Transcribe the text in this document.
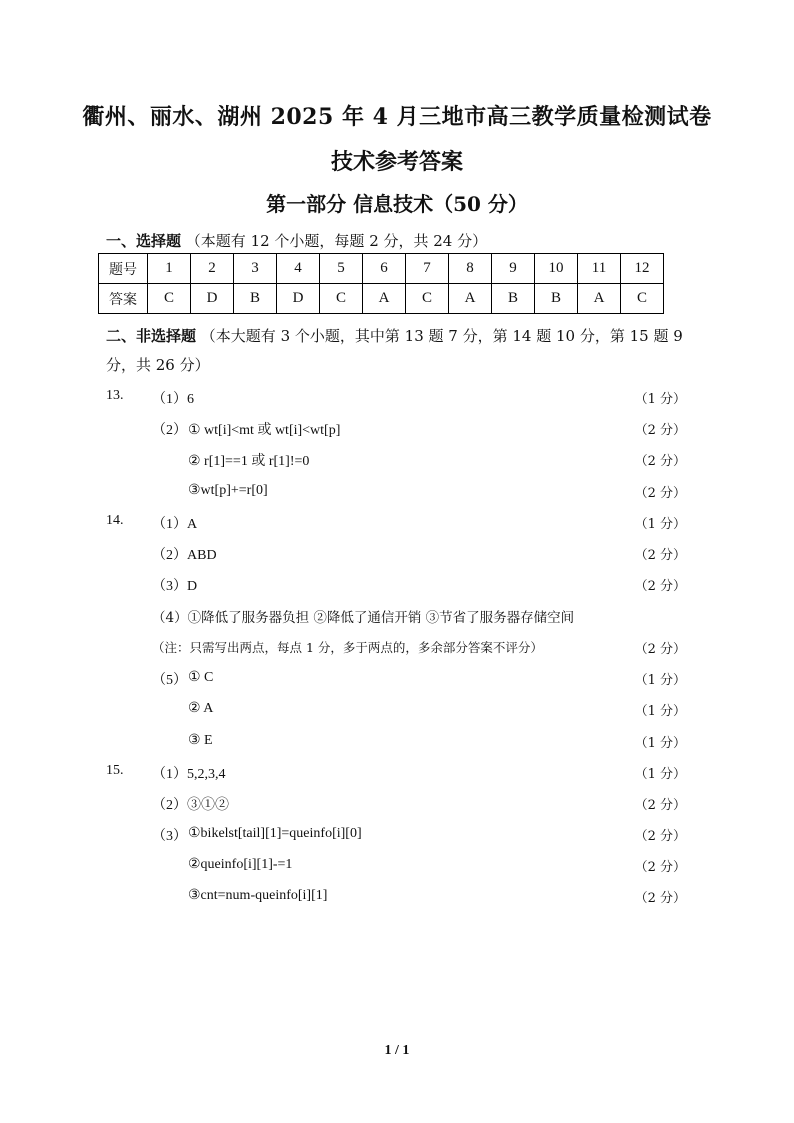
衢州、丽水、湖州 2025 年 4 月三地市高三教学质量检测试卷
技术参考答案
第一部分 信息技术（50 分）
一、选择题 （本题有 12 个小题，每题 2 分，共 24 分）
题号	1	2	3	4	5	6	7	8	9	10	11	12
答案	C	D	B	D	C	A	C	A	B	B	A	C
二、非选择题 （本大题有 3 个小题，其中第 13 题 7 分，第 14 题 10 分，第 15 题 9
分，共 26 分）
13. （1）6	（1 分）
（2） ① wt[i]<mt 或 wt[i]<wt[p]	（2 分）
② r[1]==1 或 r[1]!=0	（2 分）
③wt[p]+=r[0]	（2 分）
14. （1）A	（1 分）
（2）ABD	（2 分）
（3）D	（2 分）
（4）①降低了服务器负担 ②降低了通信开销 ③节省了服务器存储空间
（注：只需写出两点，每点 1 分，多于两点的，多余部分答案不评分）	（2 分）
（5） ① C	（1 分）
② A	（1 分）
③ E	（1 分）
15. （1）5,2,3,4	（1 分）
（2）③①②	（2 分）
（3） ①bikelst[tail][1]=queinfo[i][0]	（2 分）
②queinfo[i][1]-=1	（2 分）
③cnt=num-queinfo[i][1]	（2 分）
1 / 1
